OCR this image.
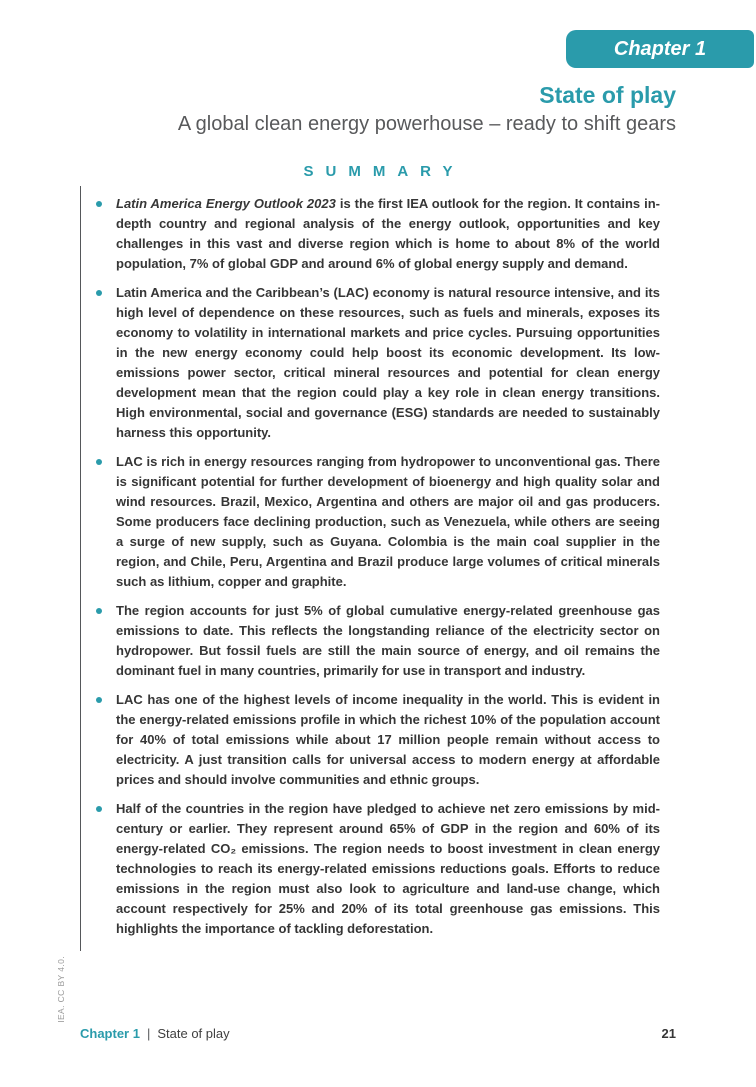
Chapter 1
State of play
A global clean energy powerhouse – ready to shift gears
SUMMARY
Latin America Energy Outlook 2023 is the first IEA outlook for the region. It contains in-depth country and regional analysis of the energy outlook, opportunities and key challenges in this vast and diverse region which is home to about 8% of the world population, 7% of global GDP and around 6% of global energy supply and demand.
Latin America and the Caribbean’s (LAC) economy is natural resource intensive, and its high level of dependence on these resources, such as fuels and minerals, exposes its economy to volatility in international markets and price cycles. Pursuing opportunities in the new energy economy could help boost its economic development. Its low-emissions power sector, critical mineral resources and potential for clean energy development mean that the region could play a key role in clean energy transitions. High environmental, social and governance (ESG) standards are needed to sustainably harness this opportunity.
LAC is rich in energy resources ranging from hydropower to unconventional gas. There is significant potential for further development of bioenergy and high quality solar and wind resources. Brazil, Mexico, Argentina and others are major oil and gas producers. Some producers face declining production, such as Venezuela, while others are seeing a surge of new supply, such as Guyana. Colombia is the main coal supplier in the region, and Chile, Peru, Argentina and Brazil produce large volumes of critical minerals such as lithium, copper and graphite.
The region accounts for just 5% of global cumulative energy-related greenhouse gas emissions to date. This reflects the longstanding reliance of the electricity sector on hydropower. But fossil fuels are still the main source of energy, and oil remains the dominant fuel in many countries, primarily for use in transport and industry.
LAC has one of the highest levels of income inequality in the world. This is evident in the energy-related emissions profile in which the richest 10% of the population account for 40% of total emissions while about 17 million people remain without access to electricity. A just transition calls for universal access to modern energy at affordable prices and should involve communities and ethnic groups.
Half of the countries in the region have pledged to achieve net zero emissions by mid-century or earlier. They represent around 65% of GDP in the region and 60% of its energy-related CO₂ emissions. The region needs to boost investment in clean energy technologies to reach its energy-related emissions reductions goals. Efforts to reduce emissions in the region must also look to agriculture and land-use change, which account respectively for 25% and 20% of its total greenhouse gas emissions. This highlights the importance of tackling deforestation.
IEA. CC BY 4.0.
Chapter 1 | State of play	21
